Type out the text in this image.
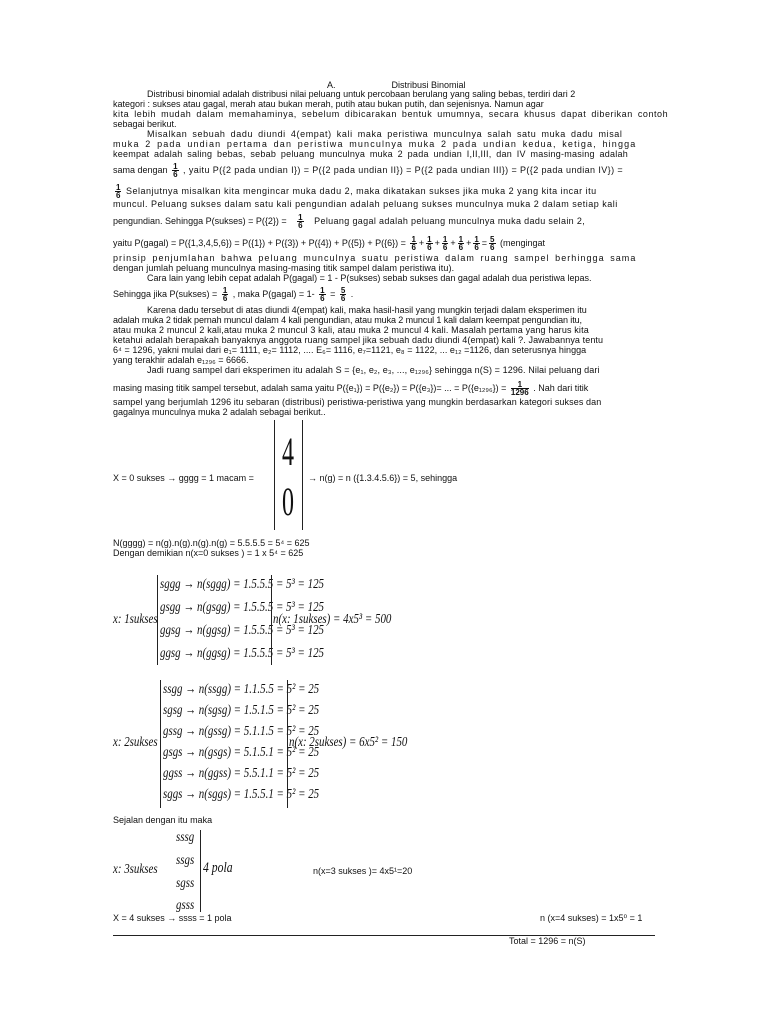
A.	Distribusi Binomial
Distribusi binomial adalah distribusi nilai peluang untuk percobaan berulang yang saling bebas, terdiri dari 2
kategori : sukses atau gagal, merah atau bukan merah, putih atau bukan putih, dan sejenisnya. Namun agar
kita lebih mudah dalam memahaminya, sebelum dibicarakan bentuk umumnya, secara khusus dapat diberikan contoh
sebagai berikut.
Misalkan sebuah dadu diundi 4(empat) kali maka peristiwa munculnya salah satu muka dadu misal
muka 2 pada undian pertama dan peristiwa munculnya muka 2 pada undian kedua, ketiga, hingga
keempat adalah saling bebas, sebab peluang munculnya muka 2 pada undian I,II,III, dan IV masing-masing adalah
sama dengan $\frac{1}{6}$ , yaitu P({2 pada undian I}) = P({2 pada undian II}) = P({2 pada undian III}) = P({2 pada undian IV}) =
$\frac{1}{6}$ Selanjutnya misalkan kita mengincar muka dadu 2, maka dikatakan sukses jika muka 2 yang kita incar itu
muncul. Peluang sukses dalam satu kali pengundian adalah peluang sukses munculnya muka 2 dalam setiap kali
pengundian. Sehingga P(sukses) = $P(\{2\}) = \frac{1}{6}$ Peluang gagal adalah peluang munculnya muka dadu selain 2,
yaitu P(gagal) = $P(\{1,3,4,5,6\}) = P(\{1\}) + P(\{3\}) + P(\{4\}) + P(\{5\}) + P(\{6\}) = \frac{1}{6} + \frac{1}{6} + \frac{1}{6} + \frac{1}{6} + \frac{1}{6} = \frac{5}{6}$ (mengingat
prinsip penjumlahan bahwa peluang munculnya suatu peristiwa dalam ruang sampel berhingga sama
dengan jumlah peluang munculnya masing-masing titik sampel dalam peristiwa itu).
Cara lain yang lebih cepat adalah P(gagal) = 1 - P(sukses) sebab sukses dan gagal adalah dua peristiwa lepas.
Sehingga jika P(sukses) = $\frac{1}{6}$ , maka P(gagal) = $1- \frac{1}{6} = \frac{5}{6}$ .
Karena dadu tersebut di atas diundi 4(empat) kali, maka hasil-hasil yang mungkin terjadi dalam eksperimen itu
adalah muka 2 tidak pernah muncul dalam 4 kali pengundian, atau muka 2 muncul 1 kali dalam keempat pengundian itu,
atau muka 2 muncul 2 kali,atau muka 2 muncul 3 kali, atau muka 2 muncul 4 kali. Masalah pertama yang harus kita
ketahui adalah berapakah banyaknya anggota ruang sampel jika sebuah dadu diundi 4(empat) kali ?. Jawabannya tentu
6⁴ = 1296, yakni mulai dari e₁= 1111, e₂= 1112, .... E₆= 1116, e₇=1121, e₈ = 1122, ... e₁₂ =1126, dan seterusnya hingga
yang terakhir adalah e₁₂₉₆ = 6666.
Jadi ruang sampel dari eksperimen itu adalah S = {e₁, e₂, e₃, ..., e₁₂₉₆} sehingga n(S) = 1296. Nilai peluang dari
masing masing titik sampel tersebut, adalah sama yaitu P({e₁}) = P({e₂}) = P({e₃})= ... = $P(\{e_{1296}\}) = \frac{1}{1296}$ . Nah dari titik
sampel yang berjumlah 1296 itu sebaran (distribusi) peristiwa-peristiwa yang mungkin berdasarkan kategori sukses dan
gagalnya munculnya muka 2 adalah sebagai berikut..
X = 0 sukses → gggg = 1 macam =
4
0
→ n(g) = n ({1.3.4.5.6}) = 5, sehingga
N(gggg) = n(g).n(g).n(g).n(g) = 5.5.5.5 = 5⁴ = 625
Dengan demikian n(x=0 sukses ) = 1 x 5⁴ = 625
x: 1sukses
sggg → n(sggg) = 1.5.5.5 = 5³ = 125
gsgg → n(gsgg) = 1.5.5.5 = 5³ = 125
ggsg → n(ggsg) = 1.5.5.5 = 5³ = 125
ggsg → n(ggsg) = 1.5.5.5 = 5³ = 125
n(x: 1sukses) = 4x5³ = 500
x: 2sukses
ssgg → n(ssgg) = 1.1.5.5 = 5² = 25
sgsg → n(sgsg) = 1.5.1.5 = 5² = 25
gssg → n(gssg) = 5.1.1.5 = 5² = 25
gsgs → n(gsgs) = 5.1.5.1 = 5² = 25
ggss → n(ggss) = 5.5.1.1 = 5² = 25
sggs → n(sggs) = 1.5.5.1 = 5² = 25
n(x: 2sukses) = 6x5² = 150
Sejalan dengan itu maka
x: 3sukses
sssg
ssgs
sgss
gsss
4 pola	n(x=3 sukses )= 4x5¹=20
X = 4 sukses → ssss = 1 pola	n (x=4 sukses) = 1x5⁰ = 1
Total = 1296 = n(S)
